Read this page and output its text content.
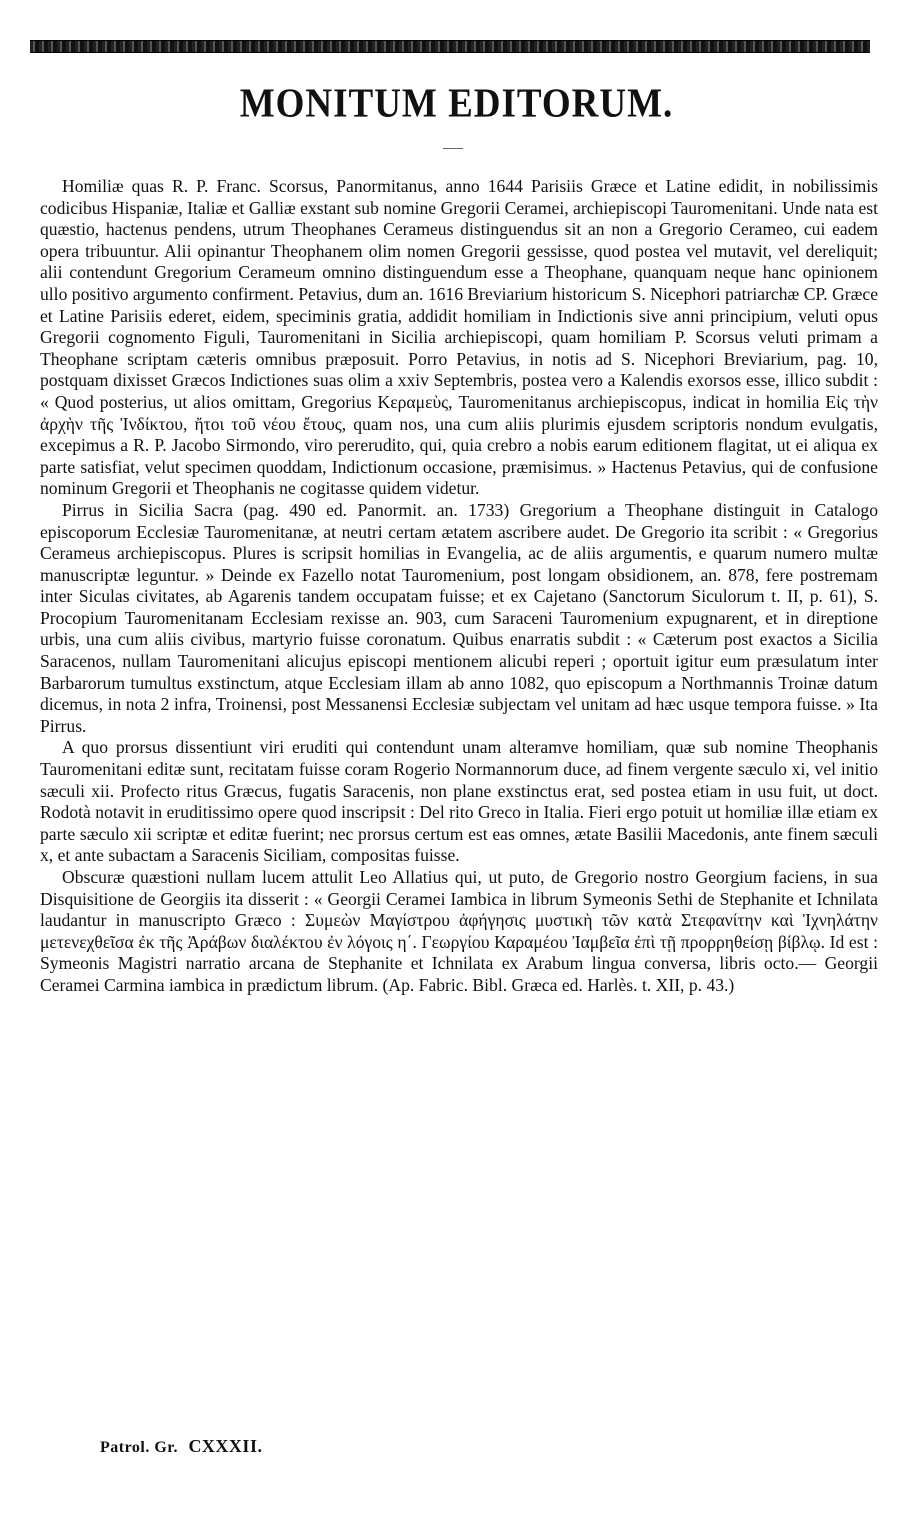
MONITUM EDITORUM.

Homiliæ quas R. P. Franc. Scorsus, Panormitanus, anno 1644 Parisiis Græce et Latine edidit, in nobilissimis codicibus Hispaniæ, Italiæ et Galliæ exstant sub nomine Gregorii Ceramei, archiepiscopi Tauromenitani. Unde nata est quæstio, hactenus pendens, utrum Theophanes Cerameus distinguendus sit an non a Gregorio Cerameo, cui eadem opera tribuuntur. Alii opinantur Theophanem olim nomen Gregorii gessisse, quod postea vel mutavit, vel dereliquit; alii contendunt Gregorium Cerameum omnino distinguendum esse a Theophane, quanquam neque hanc opinionem ullo positivo argumento confirment. Petavius, dum an. 1616 Breviarium historicum S. Nicephori patriarchæ CP. Græce et Latine Parisiis ederet, eidem, speciminis gratia, addidit homiliam in Indictionis sive anni principium, veluti opus Gregorii cognomento Figuli, Tauromenitani in Sicilia archiepiscopi, quam homiliam P. Scorsus veluti primam a Theophane scriptam cæteris omnibus præposuit. Porro Petavius, in notis ad S. Nicephori Breviarium, pag. 10, postquam dixisset Græcos Indictiones suas olim a xxiv Septembris, postea vero a Kalendis exorsos esse, illico subdit : « Quod posterius, ut alios omittam, Gregorius Κεραμεὺς, Tauromenitanus archiepiscopus, indicat in homilia Εἰς τὴν ἀρχὴν τῆς Ἰνδίκτου, ἤτοι τοῦ νέου ἔτους, quam nos, una cum aliis plurimis ejusdem scriptoris nondum evulgatis, excepimus a R. P. Jacobo Sirmondo, viro pererudito, qui, quia crebro a nobis earum editionem flagitat, ut ei aliqua ex parte satisfiat, velut specimen quoddam, Indictionum occasione, præmisimus. » Hactenus Petavius, qui de confusione nominum Gregorii et Theophanis ne cogitasse quidem videtur.

Pirrus in Sicilia Sacra (pag. 490 ed. Panormit. an. 1733) Gregorium a Theophane distinguit in Catalogo episcoporum Ecclesiæ Tauromenitanæ, at neutri certam ætatem ascribere audet. De Gregorio ita scribit : « Gregorius Cerameus archiepiscopus. Plures is scripsit homilias in Evangelia, ac de aliis argumentis, e quarum numero multæ manuscriptæ leguntur. » Deinde ex Fazello notat Tauromenium, post longam obsidionem, an. 878, fere postremam inter Siculas civitates, ab Agarenis tandem occupatam fuisse; et ex Cajetano (Sanctorum Siculorum t. II, p. 61), S. Procopium Tauromenitanam Ecclesiam rexisse an. 903, cum Saraceni Tauromenium expugnarent, et in direptione urbis, una cum aliis civibus, martyrio fuisse coronatum. Quibus enarratis subdit : « Cæterum post exactos a Sicilia Saracenos, nullam Tauromenitani alicujus episcopi mentionem alicubi reperi ; oportuit igitur eum præsulatum inter Barbarorum tumultus exstinctum, atque Ecclesiam illam ab anno 1082, quo episcopum a Northmannis Troinæ datum dicemus, in nota 2 infra, Troinensi, post Messanensi Ecclesiæ subjectam vel unitam ad hæc usque tempora fuisse. » Ita Pirrus.

A quo prorsus dissentiunt viri eruditi qui contendunt unam alteramve homiliam, quæ sub nomine Theophanis Tauromenitani editæ sunt, recitatam fuisse coram Rogerio Normannorum duce, ad finem vergente sæculo xi, vel initio sæculi xii. Profecto ritus Græcus, fugatis Saracenis, non plane exstinctus erat, sed postea etiam in usu fuit, ut doct. Rodotà notavit in eruditissimo opere quod inscripsit : Del rito Greco in Italia. Fieri ergo potuit ut homiliæ illæ etiam ex parte sæculo xii scriptæ et editæ fuerint; nec prorsus certum est eas omnes, ætate Basilii Macedonis, ante finem sæculi x, et ante subactam a Saracenis Siciliam, compositas fuisse.

Obscuræ quæstioni nullam lucem attulit Leo Allatius qui, ut puto, de Gregorio nostro Georgium faciens, in sua Disquisitione de Georgiis ita disserit : « Georgii Ceramei Iambica in librum Symeonis Sethi de Stephanite et Ichnilata laudantur in manuscripto Græco : Συμεὼν Μαγίστρου ἀφήγησις μυστικὴ τῶν κατὰ Στεφανίτην καὶ Ἰχνηλάτην μετενεχθεῖσα ἐκ τῆς Ἀράβων διαλέκτου ἐν λόγοις η΄. Γεωργίου Καραμέου Ἰαμβεῖα ἐπὶ τῇ προρρηθείσῃ βίβλῳ. Id est : Symeonis Magistri narratio arcana de Stephanite et Ichnilata ex Arabum lingua conversa, libris octo.— Georgii Ceramei Carmina iambica in prædictum librum. (Ap. Fabric. Bibl. Græca ed. Harlès. t. XII, p. 43.)

Patrol. Gr. CXXXII.
